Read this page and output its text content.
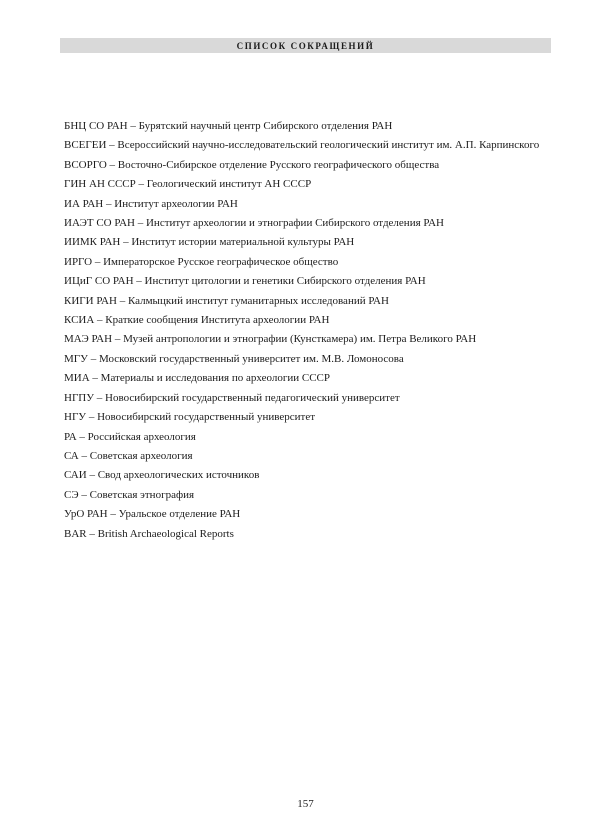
СПИСОК СОКРАЩЕНИЙ
БНЦ СО РАН – Бурятский научный центр Сибирского отделения РАН
ВСЕГЕИ – Всероссийский научно-исследовательский геологический институт им. А.П. Карпинского
ВСОРГО – Восточно-Сибирское отделение Русского географического общества
ГИН АН СССР – Геологический институт АН СССР
ИА РАН – Институт археологии РАН
ИАЭТ СО РАН – Институт археологии и этнографии Сибирского отделения РАН
ИИМК РАН – Институт истории материальной культуры РАН
ИРГО – Императорское Русское географическое общество
ИЦиГ СО РАН – Институт цитологии и генетики Сибирского отделения РАН
КИГИ РАН – Калмыцкий институт гуманитарных исследований РАН
КСИА – Краткие сообщения Института археологии РАН
МАЭ РАН – Музей антропологии и этнографии (Кунсткамера) им. Петра Великого РАН
МГУ – Московский государственный университет им. М.В. Ломоносова
МИА – Материалы и исследования по археологии СССР
НГПУ – Новосибирский государственный педагогический университет
НГУ – Новосибирский государственный университет
РА – Российская археология
СА – Советская археология
САИ – Свод археологических источников
СЭ – Советская этнография
УрО РАН – Уральское отделение РАН
BAR – British Archaeological Reports
157
